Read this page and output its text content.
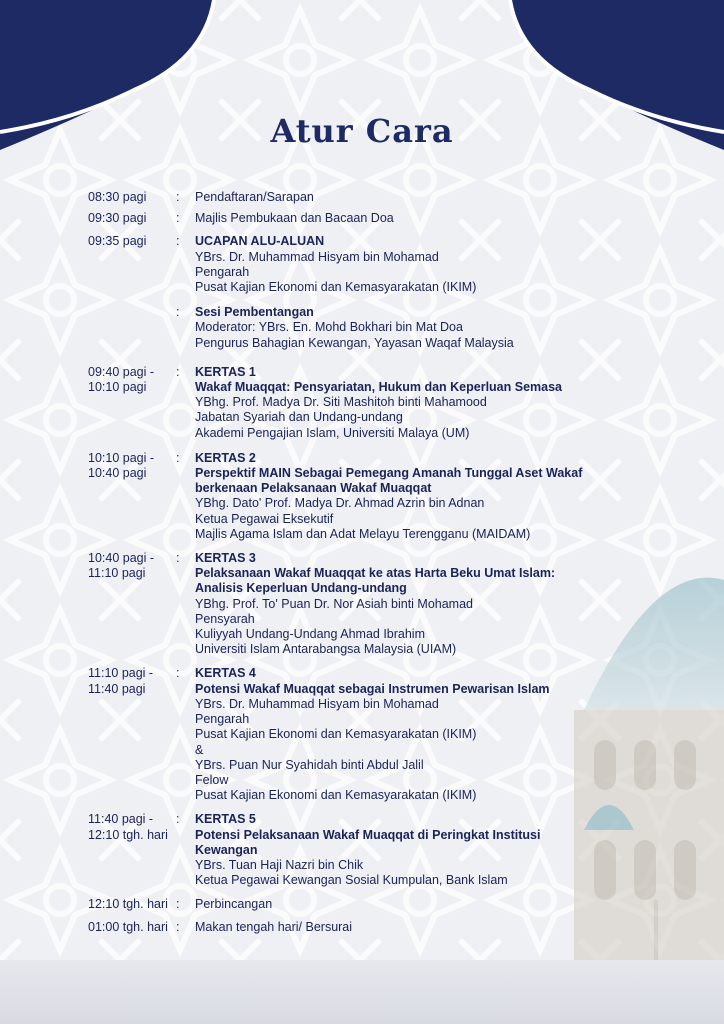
Atur Cara
08:30 pagi	:	Pendaftaran/Sarapan
09:30 pagi	:	Majlis Pembukaan dan Bacaan Doa
09:35 pagi	:	UCAPAN ALU-ALUAN
YBrs. Dr. Muhammad Hisyam bin Mohamad
Pengarah
Pusat Kajian Ekonomi dan Kemasyarakatan (IKIM)
:	Sesi Pembentangan
Moderator: YBrs. En. Mohd Bokhari bin Mat Doa
Pengurus Bahagian Kewangan, Yayasan Waqaf Malaysia
09:40 pagi -
10:10 pagi
:	KERTAS 1
Wakaf Muaqqat: Pensyariatan, Hukum dan Keperluan Semasa
YBhg. Prof. Madya Dr. Siti Mashitoh binti Mahamood
Jabatan Syariah dan Undang-undang
Akademi Pengajian Islam, Universiti Malaya (UM)
10:10 pagi -
10:40 pagi
:	KERTAS 2
Perspektif MAIN Sebagai Pemegang Amanah Tunggal Aset Wakaf
berkenaan Pelaksanaan Wakaf Muaqqat
YBhg. Dato' Prof. Madya Dr. Ahmad Azrin bin Adnan
Ketua Pegawai Eksekutif
Majlis Agama Islam dan Adat Melayu Terengganu (MAIDAM)
10:40 pagi -
11:10 pagi
:	KERTAS 3
Pelaksanaan Wakaf Muaqqat ke atas Harta Beku Umat Islam:
Analisis Keperluan Undang-undang
YBhg. Prof. To' Puan Dr. Nor Asiah binti Mohamad
Pensyarah
Kuliyyah Undang-Undang Ahmad Ibrahim
Universiti Islam Antarabangsa Malaysia (UIAM)
11:10 pagi -
11:40 pagi
:	KERTAS 4
Potensi Wakaf Muaqqat sebagai Instrumen Pewarisan Islam
YBrs. Dr. Muhammad Hisyam bin Mohamad
Pengarah
Pusat Kajian Ekonomi dan Kemasyarakatan (IKIM)
&
YBrs. Puan Nur Syahidah binti Abdul Jalil
Felow
Pusat Kajian Ekonomi dan Kemasyarakatan (IKIM)
11:40 pagi -
12:10 tgh. hari
:	KERTAS 5
Potensi Pelaksanaan Wakaf Muaqqat di Peringkat Institusi
Kewangan
YBrs. Tuan Haji Nazri bin Chik
Ketua Pegawai Kewangan Sosial Kumpulan, Bank Islam
12:10 tgh. hari :	Perbincangan
01:00 tgh. hari :	Makan tengah hari/ Bersurai
